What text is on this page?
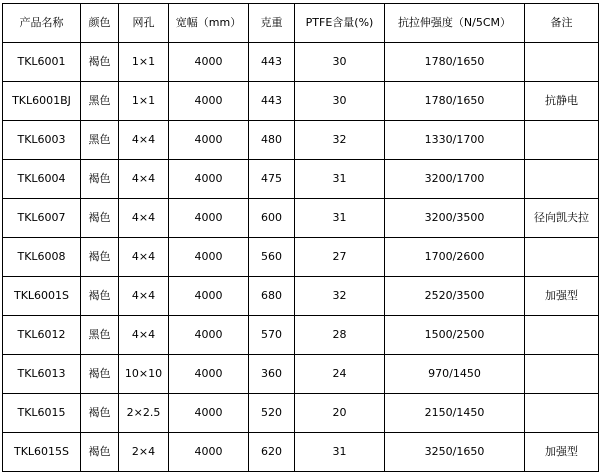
产品名称	颜色	网孔	宽幅（mm）	克重	PTFE含量(%)	抗拉伸强度（N/5CM）	备注
TKL6001	褐色	1×1	4000	443	30	1780/1650	
TKL6001BJ	黑色	1×1	4000	443	30	1780/1650	抗静电
TKL6003	黑色	4×4	4000	480	32	1330/1700	
TKL6004	褐色	4×4	4000	475	31	3200/1700	
TKL6007	褐色	4×4	4000	600	31	3200/3500	径向凯夫拉
TKL6008	褐色	4×4	4000	560	27	1700/2600	
TKL6001S	褐色	4×4	4000	680	32	2520/3500	加强型
TKL6012	黑色	4×4	4000	570	28	1500/2500	
TKL6013	褐色	10×10	4000	360	24	970/1450	
TKL6015	褐色	2×2.5	4000	520	20	2150/1450	
TKL6015S	褐色	2×4	4000	620	31	3250/1650	加强型
